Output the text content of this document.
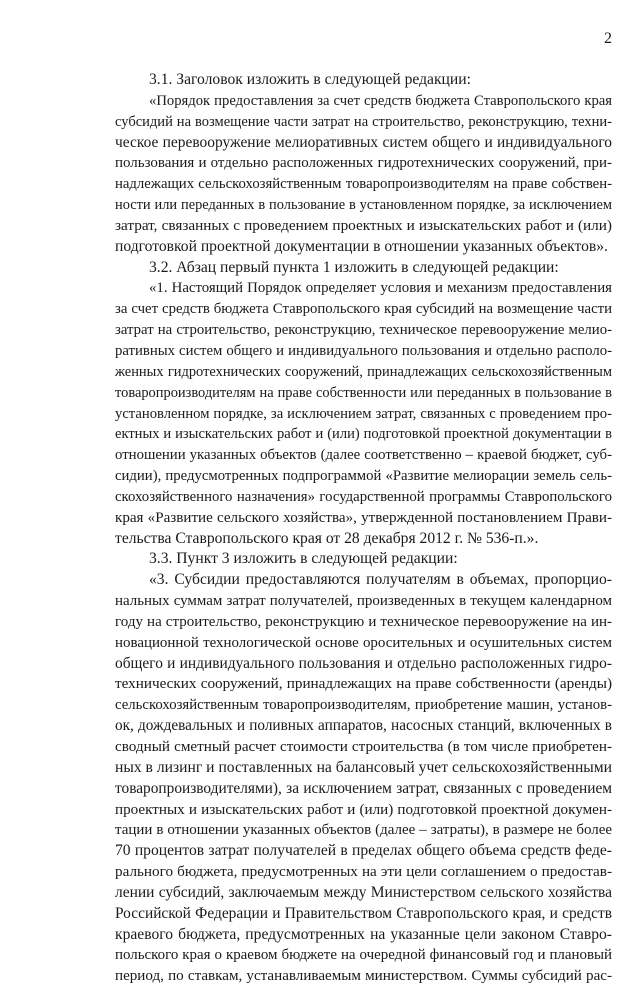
2
3.1. Заголовок изложить в следующей редакции:
«Порядок предоставления за счет средств бюджета Ставропольского края
субсидий на возмещение части затрат на строительство, реконструкцию, техни-
ческое перевооружение мелиоративных систем общего и индивидуального
пользования и отдельно расположенных гидротехнических сооружений, при-
надлежащих сельскохозяйственным товаропроизводителям на праве собствен-
ности или переданных в пользование в установленном порядке, за исключением
затрат, связанных с проведением проектных и изыскательских работ и (или)
подготовкой проектной документации в отношении указанных объектов».
3.2. Абзац первый пункта 1 изложить в следующей редакции:
«1. Настоящий Порядок определяет условия и механизм предоставления
за счет средств бюджета Ставропольского края субсидий на возмещение части
затрат на строительство, реконструкцию, техническое перевооружение мелио-
ративных систем общего и индивидуального пользования и отдельно располо-
женных гидротехнических сооружений, принадлежащих сельскохозяйственным
товаропроизводителям на праве собственности или переданных в пользование в
установленном порядке, за исключением затрат, связанных с проведением про-
ектных и изыскательских работ и (или) подготовкой проектной документации в
отношении указанных объектов (далее соответственно – краевой бюджет, суб-
сидии), предусмотренных подпрограммой «Развитие мелиорации земель сель-
скохозяйственного назначения» государственной программы Ставропольского
края «Развитие сельского хозяйства», утвержденной постановлением Прави-
тельства Ставропольского края от 28 декабря 2012 г. № 536-п.».
3.3. Пункт 3 изложить в следующей редакции:
«3. Субсидии предоставляются получателям в объемах, пропорцио-
нальных суммам затрат получателей, произведенных в текущем календарном
году на строительство, реконструкцию и техническое перевооружение на ин-
новационной технологической основе оросительных и осушительных систем
общего и индивидуального пользования и отдельно расположенных гидро-
технических сооружений, принадлежащих на праве собственности (аренды)
сельскохозяйственным товаропроизводителям, приобретение машин, установ-
ок, дождевальных и поливных аппаратов, насосных станций, включенных в
сводный сметный расчет стоимости строительства (в том числе приобретен-
ных в лизинг и поставленных на балансовый учет сельскохозяйственными
товаропроизводителями), за исключением затрат, связанных с проведением
проектных и изыскательских работ и (или) подготовкой проектной докумен-
тации в отношении указанных объектов (далее – затраты), в размере не более
70 процентов затрат получателей в пределах общего объема средств феде-
рального бюджета, предусмотренных на эти цели соглашением о предостав-
лении субсидий, заключаемым между Министерством сельского хозяйства
Российской Федерации и Правительством Ставропольского края, и средств
краевого бюджета, предусмотренных на указанные цели законом Ставро-
польского края о краевом бюджете на очередной финансовый год и плановый
период, по ставкам, устанавливаемым министерством. Суммы субсидий рас-
